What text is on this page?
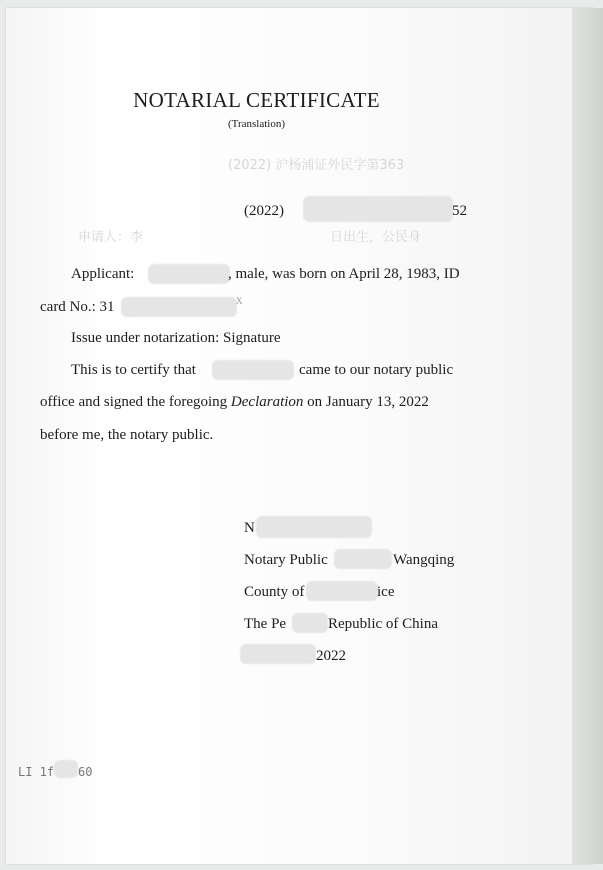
(2022) 沪杨浦证外民字第363
申请人：李	日出生，公民身
NOTARIAL CERTIFICATE
(Translation)
(2022)	52
Applicant:	, male, was born on April 28, 1983, ID
card No.: 31	X
Issue under notarization: Signature
This is to certify that	came to our notary public
office and signed the foregoing Declaration on January 13, 2022
before me, the notary public.
N
Notary Public	Wangqing
County of	ice
The Pe	Republic of China
2022
LI 1f 60
